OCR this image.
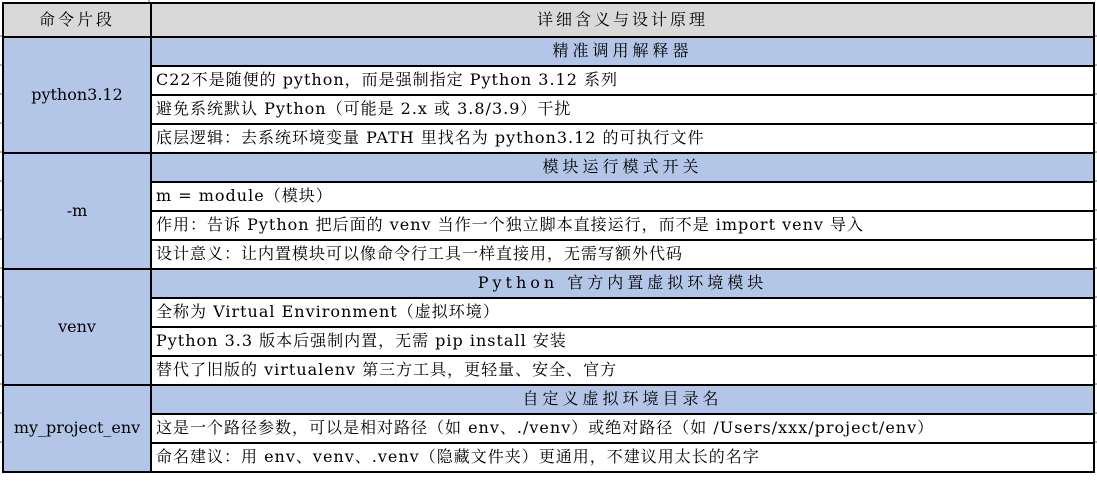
命令片段	详细含义与设计原理
python3.12	精准调用解释器
	C22不是随便的 python，而是强制指定 Python 3.12 系列
	避免系统默认 Python（可能是 2.x 或 3.8/3.9）干扰
	底层逻辑：去系统环境变量 PATH 里找名为 python3.12 的可执行文件
-m	模块运行模式开关
	m = module（模块）
	作用：告诉 Python 把后面的 venv 当作一个独立脚本直接运行，而不是 import venv 导入
	设计意义：让内置模块可以像命令行工具一样直接用，无需写额外代码
venv	Python 官方内置虚拟环境模块
	全称为 Virtual Environment（虚拟环境）
	Python 3.3 版本后强制内置，无需 pip install 安装
	替代了旧版的 virtualenv 第三方工具，更轻量、安全、官方
my_project_env	自定义虚拟环境目录名
	这是一个路径参数，可以是相对路径（如 env、./venv）或绝对路径（如 /Users/xxx/project/env）
	命名建议：用 env、venv、.venv（隐藏文件夹）更通用，不建议用太长的名字
